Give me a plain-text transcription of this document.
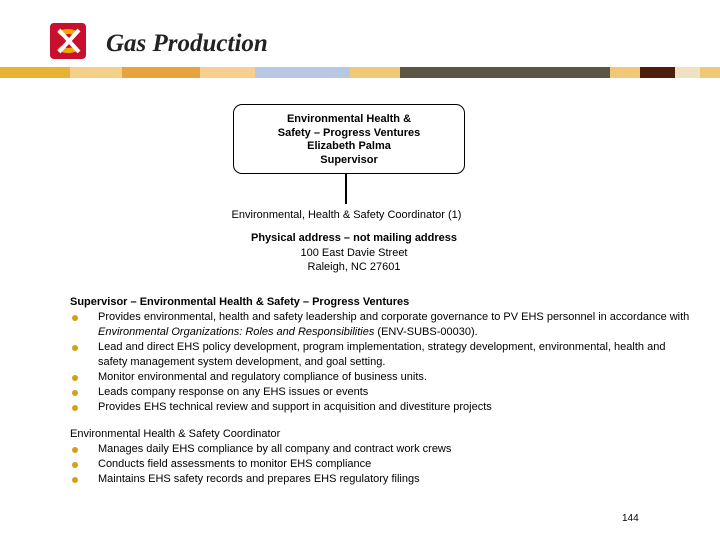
Gas Production
Environmental Health &
Safety – Progress Ventures
Elizabeth Palma
Supervisor
Environmental, Health & Safety Coordinator (1)
Physical address – not mailing address
100 East Davie Street
Raleigh, NC 27601
Supervisor – Environmental Health & Safety – Progress Ventures
Provides environmental, health and safety leadership and corporate governance to PV EHS personnel in accordance with Environmental Organizations: Roles and Responsibilities (ENV-SUBS-00030).
Lead and direct EHS policy development, program implementation, strategy development, environmental, health and safety management system development, and goal setting.
Monitor environmental and regulatory compliance of business units.
Leads company response on any EHS issues or events
Provides EHS technical review and support in acquisition and divestiture projects
Environmental Health & Safety Coordinator
Manages daily EHS compliance by all company and contract work crews
Conducts field assessments to monitor EHS compliance
Maintains EHS safety records and prepares EHS regulatory filings
144
